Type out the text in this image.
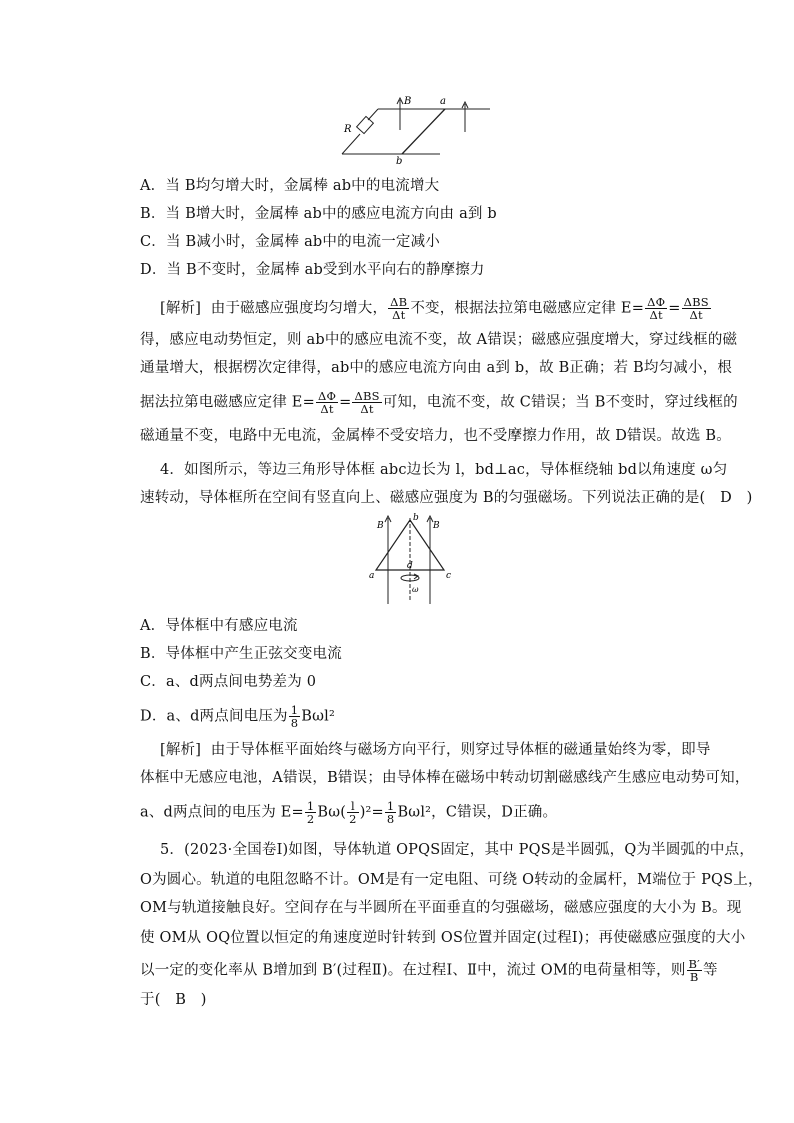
B	a
b
R
A．当 B均匀增大时，金属棒 ab中的电流增大
B．当 B增大时，金属棒 ab中的感应电流方向由 a到 b
C．当 B减小时，金属棒 ab中的电流一定减小
D．当 B不变时，金属棒 ab受到水平向右的静摩擦力
[解析] 由于磁感应强度均匀增大， $\frac{\Delta B}{\Delta t}$ 不变，根据法拉第电磁感应定律 $E= \frac{\Delta\Phi}{\Delta t} = \frac{\text{ΔBS}}{\Delta t}$
得，感应电动势恒定，则 ab中的感应电流不变，故 A错误；磁感应强度增大，穿过线框的磁
通量增大，根据楞次定律得，ab中的感应电流方向由 a到 b，故 B正确；若 B均匀减小，根
据法拉第电磁感应定律 $E= \frac{\Delta\Phi}{\Delta t} = \frac{\text{ΔBS}}{\Delta t}$ 可知，电流不变，故 C错误；当 B不变时，穿过线框的
磁通量不变，电路中无电流，金属棒不受安培力，也不受摩擦力作用，故 D错误。故选 B。
4．如图所示，等边三角形导体框 abc边长为 l，bd⊥ac，导体框绕轴 bd以角速度 ω匀
速转动，导体框所在空间有竖直向上、磁感应强度为 B的匀强磁场。下列说法正确的是(　D　)
b
B	B
a	c
d
ω
A．导体框中有感应电流
B．导体框中产生正弦交变电流
C．a、d两点间电势差为 0
D．a、d两点间电压为 $\frac{1}{8} B\omega l^2$
[解析] 由于导体框平面始终与磁场方向平行，则穿过导体框的磁通量始终为零，即导
体框中无感应电池，A错误，B错误；由导体棒在磁场中转动切割磁感线产生感应电动势可知，
a、d两点间的电压为 $E= \frac{1}{2} B\omega( \frac{l}{2} )^2= \frac{1}{8} B\omega l^2$，C错误，D正确。
5．(2023·全国卷Ⅰ)如图，导体轨道 OPQS固定，其中 PQS是半圆弧，Q为半圆弧的中点，
O为圆心。轨道的电阻忽略不计。OM是有一定电阻、可绕 O转动的金属杆，M端位于 PQS上，
OM与轨道接触良好。空间存在与半圆所在平面垂直的匀强磁场，磁感应强度的大小为 B。现
使 OM从 OQ位置以恒定的角速度逆时针转到 OS位置并固定(过程Ⅰ)；再使磁感应强度的大小
以一定的变化率从 B增加到 B′(过程Ⅱ)。在过程Ⅰ、Ⅱ中，流过 OM的电荷量相等，则 $\frac{B'}{B}$ 等
于(　B　)
